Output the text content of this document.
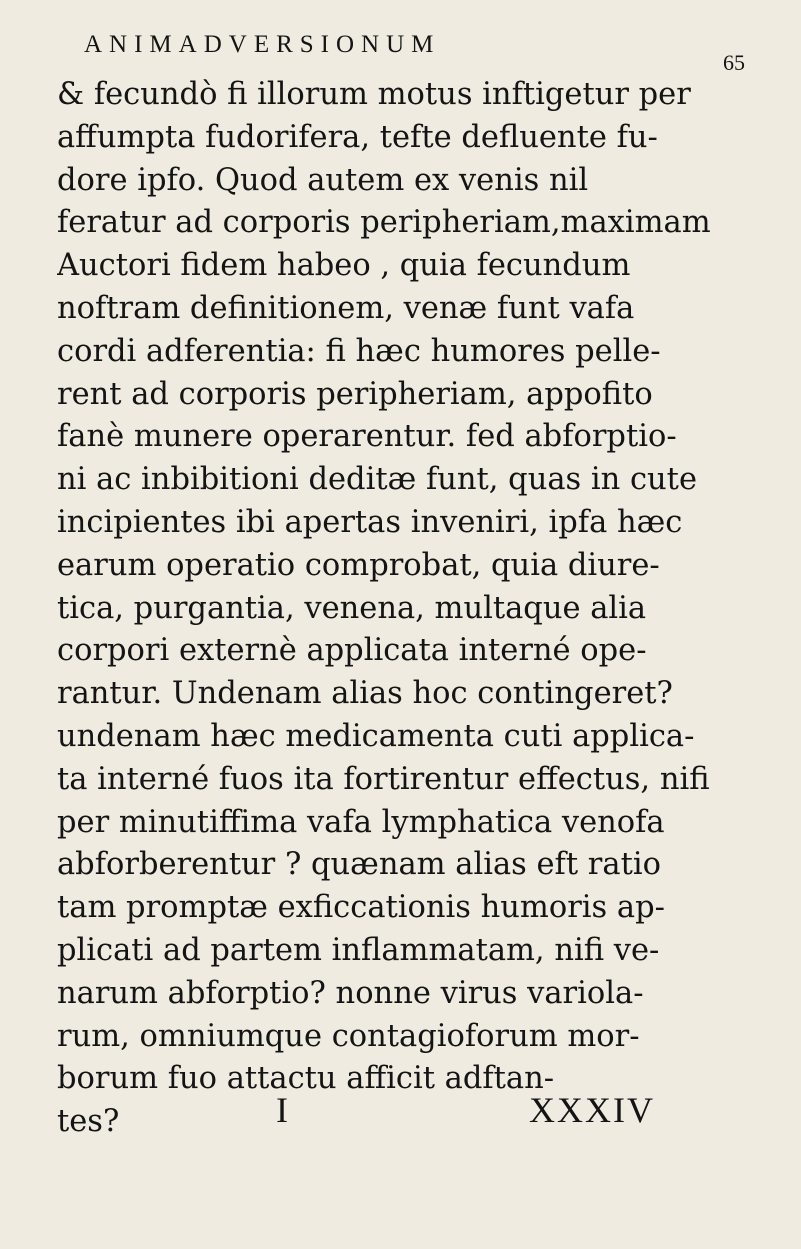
ANIMADVERSIONUM
65
& fecundò fi illorum motus inftigetur per
affumpta fudorifera, tefte defluente fu-
dore ipfo. Quod autem ex venis nil
feratur ad corporis peripheriam,maximam
Auctori fidem habeo , quia fecundum
noftram definitionem, venæ funt vafa
cordi adferentia: fi hæc humores pelle-
rent ad corporis peripheriam, appofito
fanè munere operarentur. fed abforptio-
ni ac inbibitioni deditæ funt, quas in cute
incipientes ibi apertas inveniri, ipfa hæc
earum operatio comprobat, quia diure-
tica, purgantia, venena, multaque alia
corpori externè applicata interné ope-
rantur. Undenam alias hoc contingeret?
undenam hæc medicamenta cuti applica-
ta interné fuos ita fortirentur effectus, nifi
per minutiffima vafa lymphatica venofa
abforberentur ? quænam alias eft ratio
tam promptæ exficcationis humoris ap-
plicati ad partem inflammatam, nifi ve-
narum abforptio? nonne virus variola-
rum, omniumque contagioforum mor-
borum fuo attactu afficit adftan-
tes?	I	XXXIV
